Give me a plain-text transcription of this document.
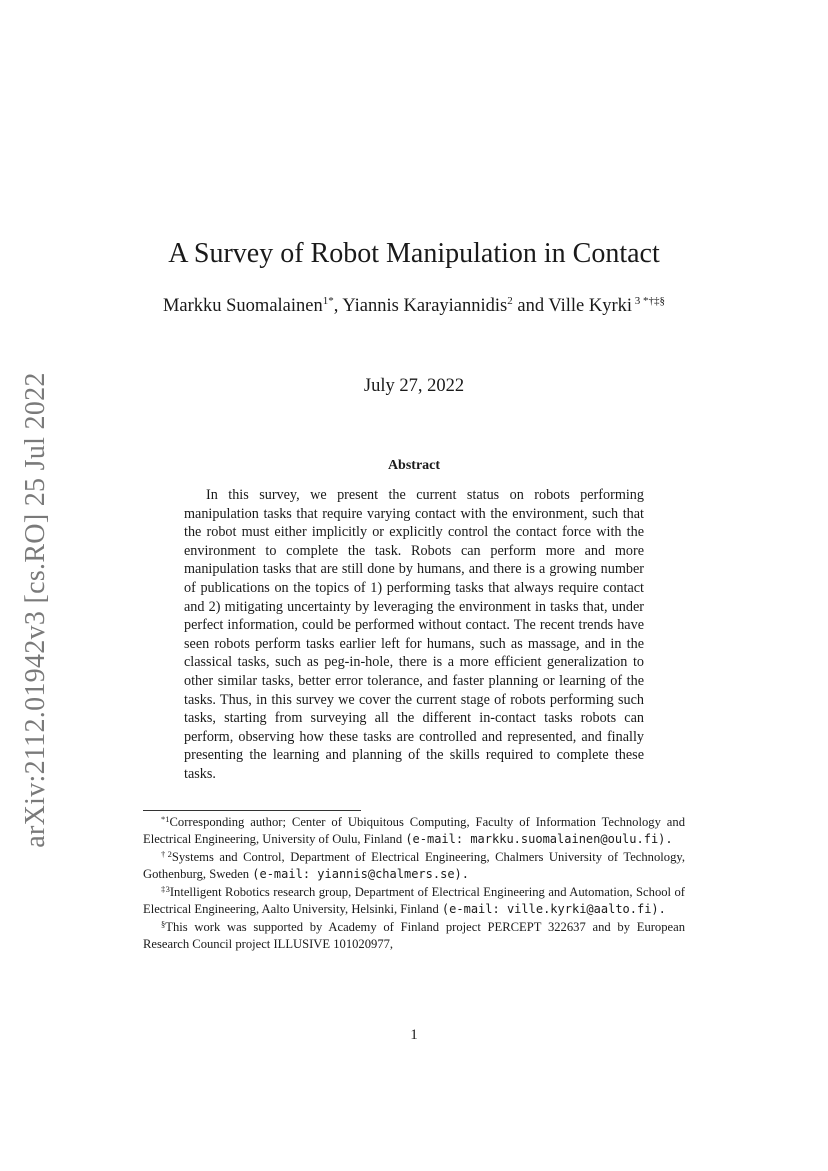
arXiv:2112.01942v3 [cs.RO] 25 Jul 2022
A Survey of Robot Manipulation in Contact
Markku Suomalainen$^{1*}$, Yiannis Karayiannidis$^2$ and Ville Kyrki $^3$ *†‡§
July 27, 2022
Abstract

In this survey, we present the current status on robots performing manipulation tasks that require varying contact with the environment, such that the robot must either implicitly or explicitly control the contact force with the environment to complete the task. Robots can perform more and more manipulation tasks that are still done by humans, and there is a growing number of publications on the topics of 1) performing tasks that always require contact and 2) mitigating uncertainty by leveraging the environment in tasks that, under perfect information, could be performed without contact. The recent trends have seen robots perform tasks earlier left for humans, such as massage, and in the classical tasks, such as peg-in-hole, there is a more efficient generalization to other similar tasks, better error tolerance, and faster planning or learning of the tasks. Thus, in this survey we cover the current stage of robots performing such tasks, starting from surveying all the different in-contact tasks robots can perform, observing how these tasks are controlled and represented, and finally presenting the learning and planning of the skills required to complete these tasks.

$^{*1}$Corresponding author; Center of Ubiquitous Computing, Faculty of Information Technology and Electrical Engineering, University of Oulu, Finland (e-mail: markku.suomalainen@oulu.fi).

$^{\dagger 2}$Systems and Control, Department of Electrical Engineering, Chalmers University of Technology, Gothenburg, Sweden (e-mail: yiannis@chalmers.se).

$^{\ddagger 3}$Intelligent Robotics research group, Department of Electrical Engineering and Automation, School of Electrical Engineering, Aalto University, Helsinki, Finland (e-mail: ville.kyrki@aalto.fi).

§This work was supported by Academy of Finland project PERCEPT 322637 and by European Research Council project ILLUSIVE 101020977,

1
